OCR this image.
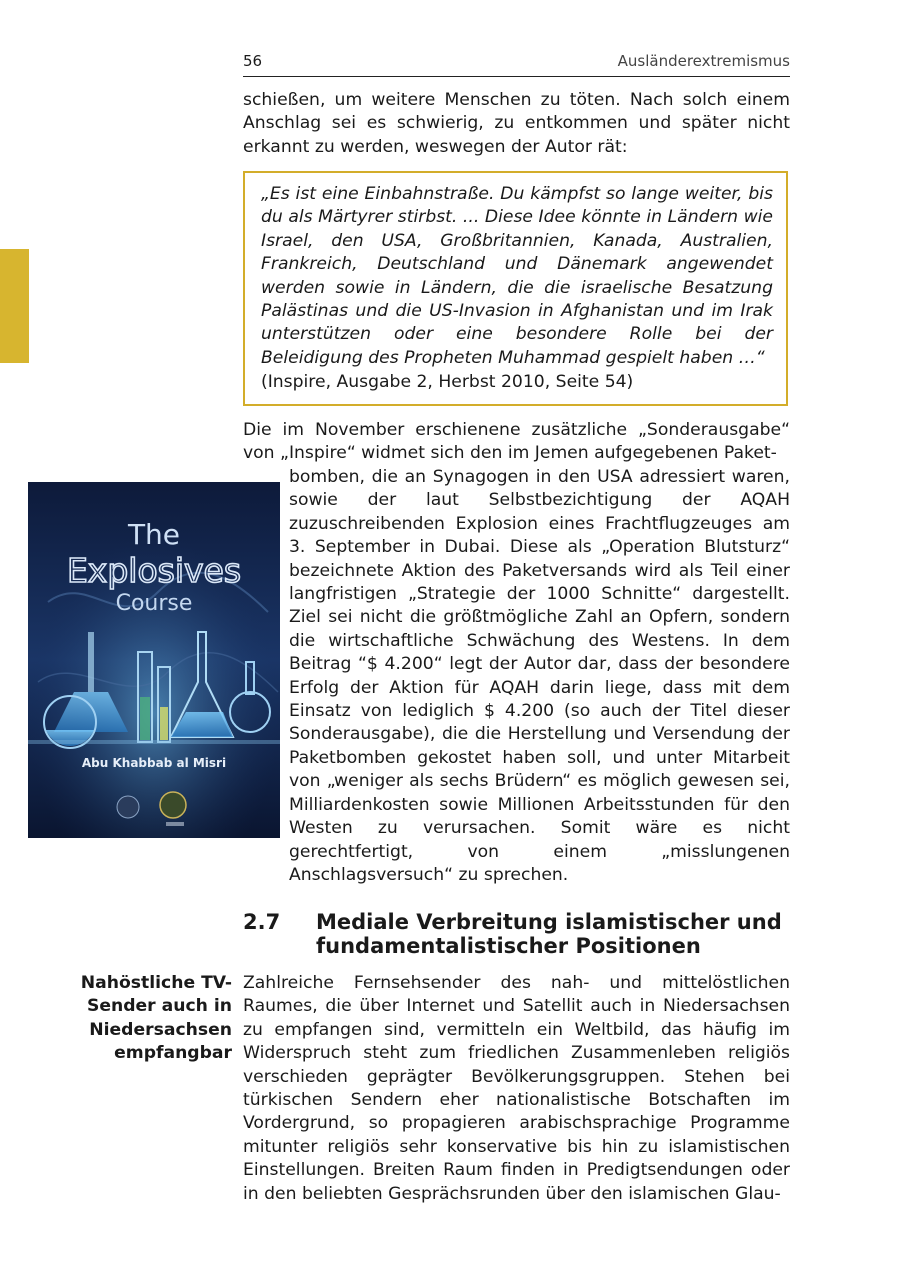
56	Ausländerextremismus
schießen, um weitere Menschen zu töten. Nach solch einem Anschlag sei es schwierig, zu entkommen und später nicht erkannt zu werden, weswegen der Autor rät:
„Es ist eine Einbahnstraße. Du kämpfst so lange weiter, bis du als Märtyrer stirbst. ... Diese Idee könnte in Ländern wie Israel, den USA, Großbritannien, Kanada, Australien, Frankreich, Deutschland und Dänemark angewendet werden sowie in Ländern, die die israelische Besatzung Palästinas und die US-Invasion in Afghanistan und im Irak unterstützen oder eine besondere Rolle bei der Beleidigung des Propheten Muhammad gespielt haben …“
(Inspire, Ausgabe 2, Herbst 2010, Seite 54)
Die im November erschienene zusätzliche „Sonderausgabe“ von „Inspire“ widmet sich den im Jemen aufgegebenen Paket-
bomben, die an Synagogen in den USA adressiert waren, sowie der laut Selbstbezichtigung der AQAH zuzuschreibenden Explosion eines Frachtflugzeuges am 3. September in Dubai. Diese als „Operation Blutsturz“ bezeichnete Aktion des Paketversands wird als Teil einer langfristigen „Strategie der 1000 Schnitte“ dargestellt. Ziel sei nicht die größtmögliche Zahl an Opfern, sondern die wirtschaftliche Schwächung des Westens. In dem Beitrag “$ 4.200“ legt der Autor dar, dass der besondere Erfolg der Aktion für AQAH darin liege, dass mit dem Einsatz von lediglich $ 4.200 (so auch der Titel dieser Sonderausgabe), die die Herstellung und Versendung der Paketbomben gekostet haben soll, und unter Mitarbeit von „weniger als sechs Brüdern“ es möglich gewesen sei, Milliardenkosten sowie Millionen Arbeitsstunden für den Westen zu verursachen. Somit wäre es nicht gerechtfertigt, von einem „misslungenen Anschlagsversuch“ zu sprechen.
The
Explosives
Course
Abu Khabbab al Misri
2.7 Mediale Verbreitung islamistischer und fundamentalistischer Positionen
Nahöstliche TV-Sender auch in Niedersachsen empfangbar
Zahlreiche Fernsehsender des nah- und mittelöstlichen Raumes, die über Internet und Satellit auch in Niedersachsen zu empfangen sind, vermitteln ein Weltbild, das häufig im Widerspruch steht zum friedlichen Zusammenleben religiös verschieden geprägter Bevölkerungsgruppen. Stehen bei türkischen Sendern eher nationalistische Botschaften im Vordergrund, so propagieren arabischsprachige Programme mitunter religiös sehr konservative bis hin zu islamistischen Einstellungen. Breiten Raum finden in Predigtsendungen oder in den beliebten Gesprächsrunden über den islamischen Glau-
